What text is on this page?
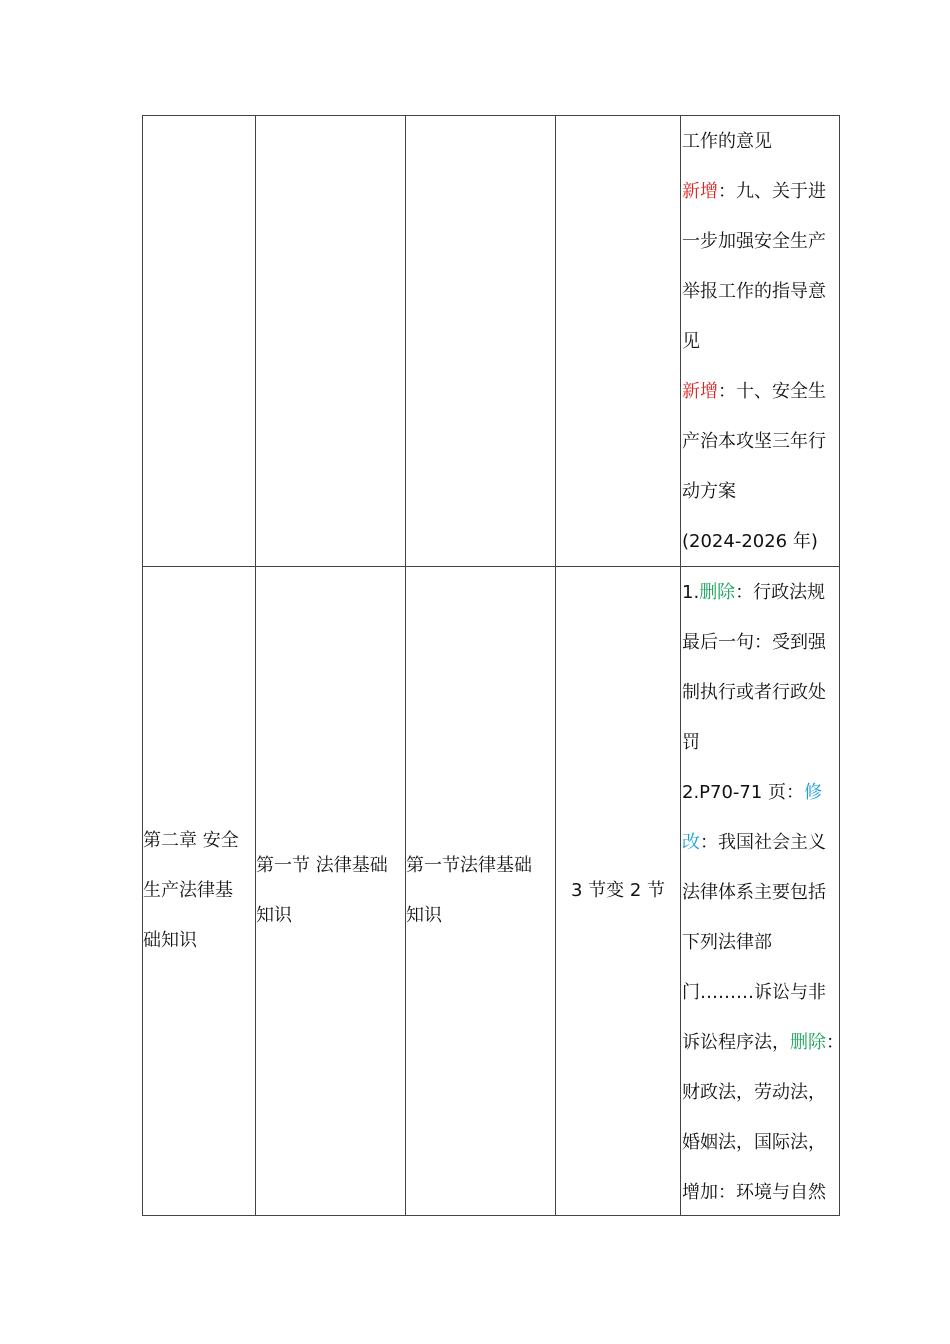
工作的意见
新增：九、关于进
一步加强安全生产
举报工作的指导意
见
新增：十、安全生
产治本攻坚三年行
动方案
(2024-2026 年)
第二章 安全
生产法律基
础知识
第一节 法律基础
知识
第一节法律基础
知识
3 节变 2 节
1.删除：行政法规
最后一句：受到强
制执行或者行政处
罚
2.P70-71 页：修
改：我国社会主义
法律体系主要包括
下列法律部
门………诉讼与非
诉讼程序法，删除：
财政法，劳动法，
婚姻法，国际法，
增加：环境与自然
